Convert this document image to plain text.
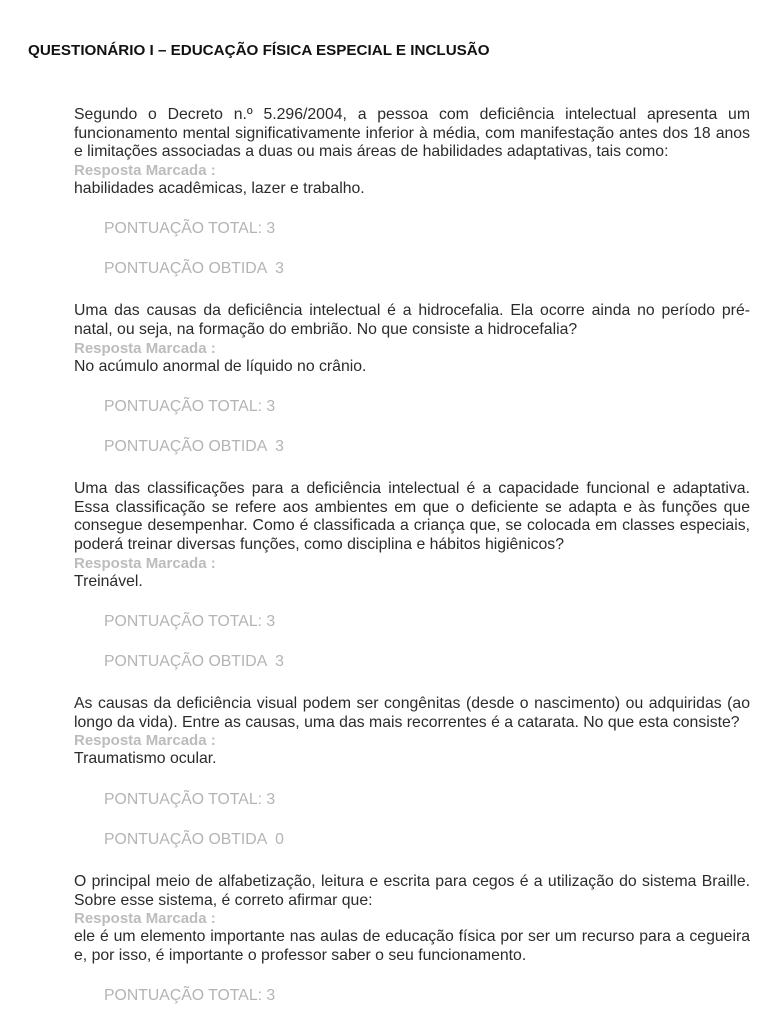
QUESTIONÁRIO I – EDUCAÇÃO FÍSICA ESPECIAL E INCLUSÃO

Segundo o Decreto n.º 5.296/2004, a pessoa com deficiência intelectual apresenta um funcionamento mental significativamente inferior à média, com manifestação antes dos 18 anos e limitações associadas a duas ou mais áreas de habilidades adaptativas, tais como:

Resposta Marcada :

habilidades acadêmicas, lazer e trabalho.

PONTUAÇÃO TOTAL: 3

PONTUAÇÃO OBTIDA  3

Uma das causas da deficiência intelectual é a hidrocefalia. Ela ocorre ainda no período pré-natal, ou seja, na formação do embrião. No que consiste a hidrocefalia?

Resposta Marcada :

No acúmulo anormal de líquido no crânio.

PONTUAÇÃO TOTAL: 3

PONTUAÇÃO OBTIDA  3

Uma das classificações para a deficiência intelectual é a capacidade funcional e adaptativa. Essa classificação se refere aos ambientes em que o deficiente se adapta e às funções que consegue desempenhar. Como é classificada a criança que, se colocada em classes especiais, poderá treinar diversas funções, como disciplina e hábitos higiênicos?

Resposta Marcada :

Treinável.

PONTUAÇÃO TOTAL: 3

PONTUAÇÃO OBTIDA  3

As causas da deficiência visual podem ser congênitas (desde o nascimento) ou adquiridas (ao longo da vida). Entre as causas, uma das mais recorrentes é a catarata. No que esta consiste?

Resposta Marcada :

Traumatismo ocular.

PONTUAÇÃO TOTAL: 3

PONTUAÇÃO OBTIDA  0

O principal meio de alfabetização, leitura e escrita para cegos é a utilização do sistema Braille. Sobre esse sistema, é correto afirmar que:

Resposta Marcada :

ele é um elemento importante nas aulas de educação física por ser um recurso para a cegueira e, por isso, é importante o professor saber o seu funcionamento.

PONTUAÇÃO TOTAL: 3
